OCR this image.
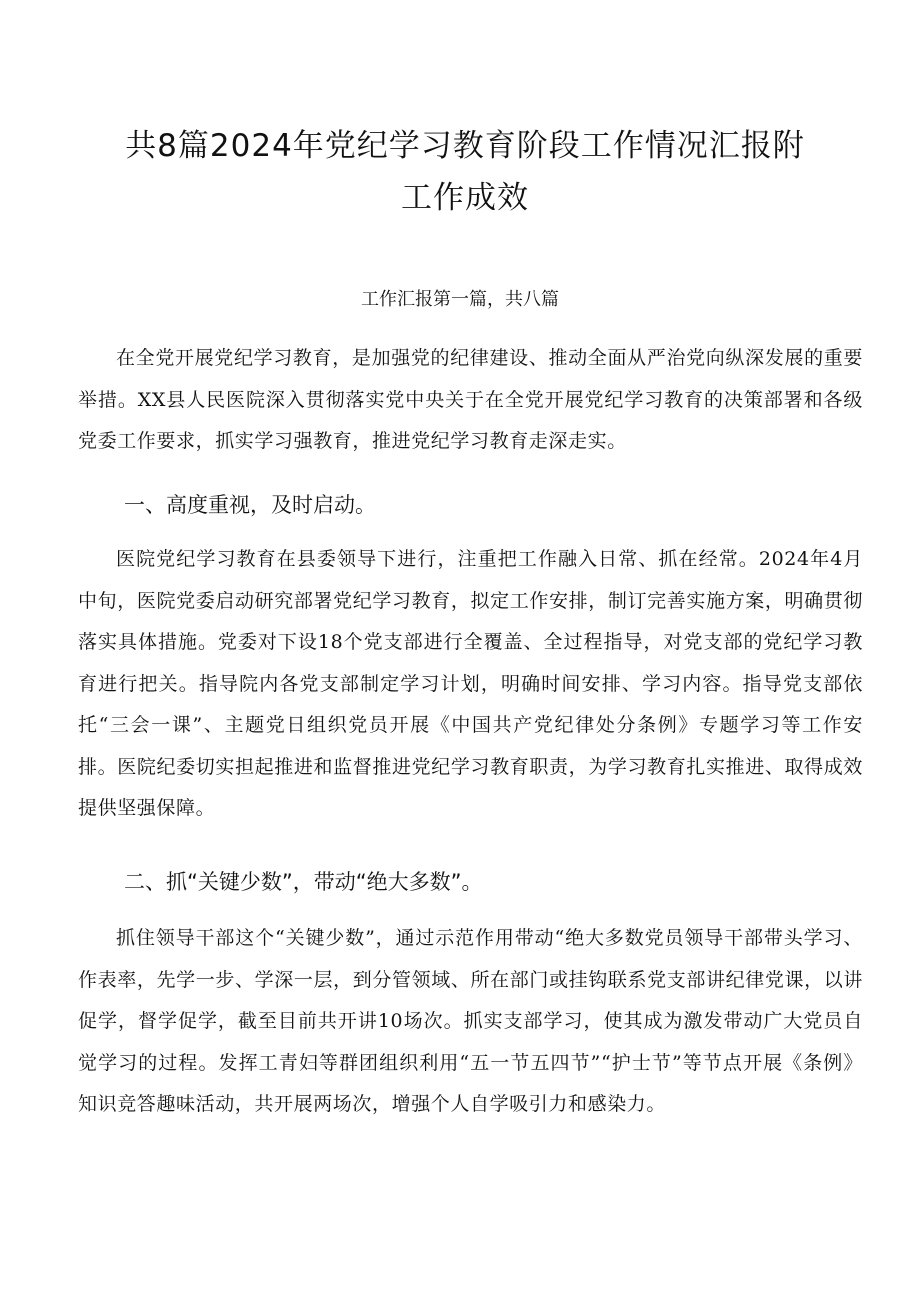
共8篇2024年党纪学习教育阶段工作情况汇报附工作成效

工作汇报第一篇，共八篇

在全党开展党纪学习教育，是加强党的纪律建设、推动全面从严治党向纵深发展的重要举措。XX县人民医院深入贯彻落实党中央关于在全党开展党纪学习教育的决策部署和各级党委工作要求，抓实学习强教育，推进党纪学习教育走深走实。

一、高度重视，及时启动。

医院党纪学习教育在县委领导下进行，注重把工作融入日常、抓在经常。2024年4月中旬，医院党委启动研究部署党纪学习教育，拟定工作安排，制订完善实施方案，明确贯彻落实具体措施。党委对下设18个党支部进行全覆盖、全过程指导，对党支部的党纪学习教育进行把关。指导院内各党支部制定学习计划，明确时间安排、学习内容。指导党支部依托“三会一课”、主题党日组织党员开展《中国共产党纪律处分条例》专题学习等工作安排。医院纪委切实担起推进和监督推进党纪学习教育职责，为学习教育扎实推进、取得成效提供坚强保障。

二、抓“关键少数”，带动“绝大多数”。

抓住领导干部这个“关键少数”，通过示范作用带动“绝大多数党员领导干部带头学习、作表率，先学一步、学深一层，到分管领域、所在部门或挂钩联系党支部讲纪律党课，以讲促学，督学促学，截至目前共开讲10场次。抓实支部学习，使其成为激发带动广大党员自觉学习的过程。发挥工青妇等群团组织利用“五一节五四节”“护士节”等节点开展《条例》知识竞答趣味活动，共开展两场次，增强个人自学吸引力和感染力。
